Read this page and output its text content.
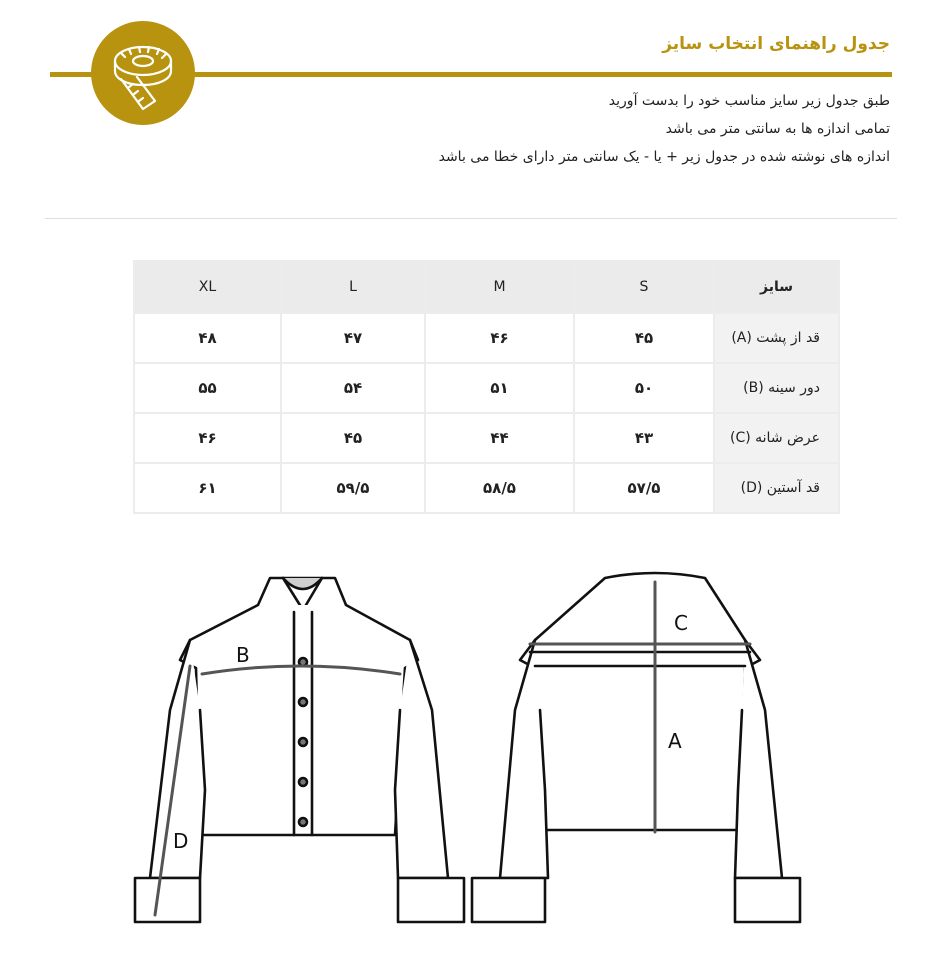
جدول راهنمای انتخاب سایز

طبق جدول زیر سایز مناسب خود را بدست آورید

تمامی اندازه ها به سانتی متر می باشد

اندازه های نوشته شده در جدول زیر + یا - یک سانتی متر دارای خطا می باشد

XL	L	M	S	سایز
۴۸	۴۷	۴۶	۴۵	قد از پشت (A)
۵۵	۵۴	۵۱	۵۰	دور سینه (B)
۴۶	۴۵	۴۴	۴۳	عرض شانه (C)
۶۱	۵۹/۵	۵۸/۵	۵۷/۵	قد آستین (D)
B
D
C
A
